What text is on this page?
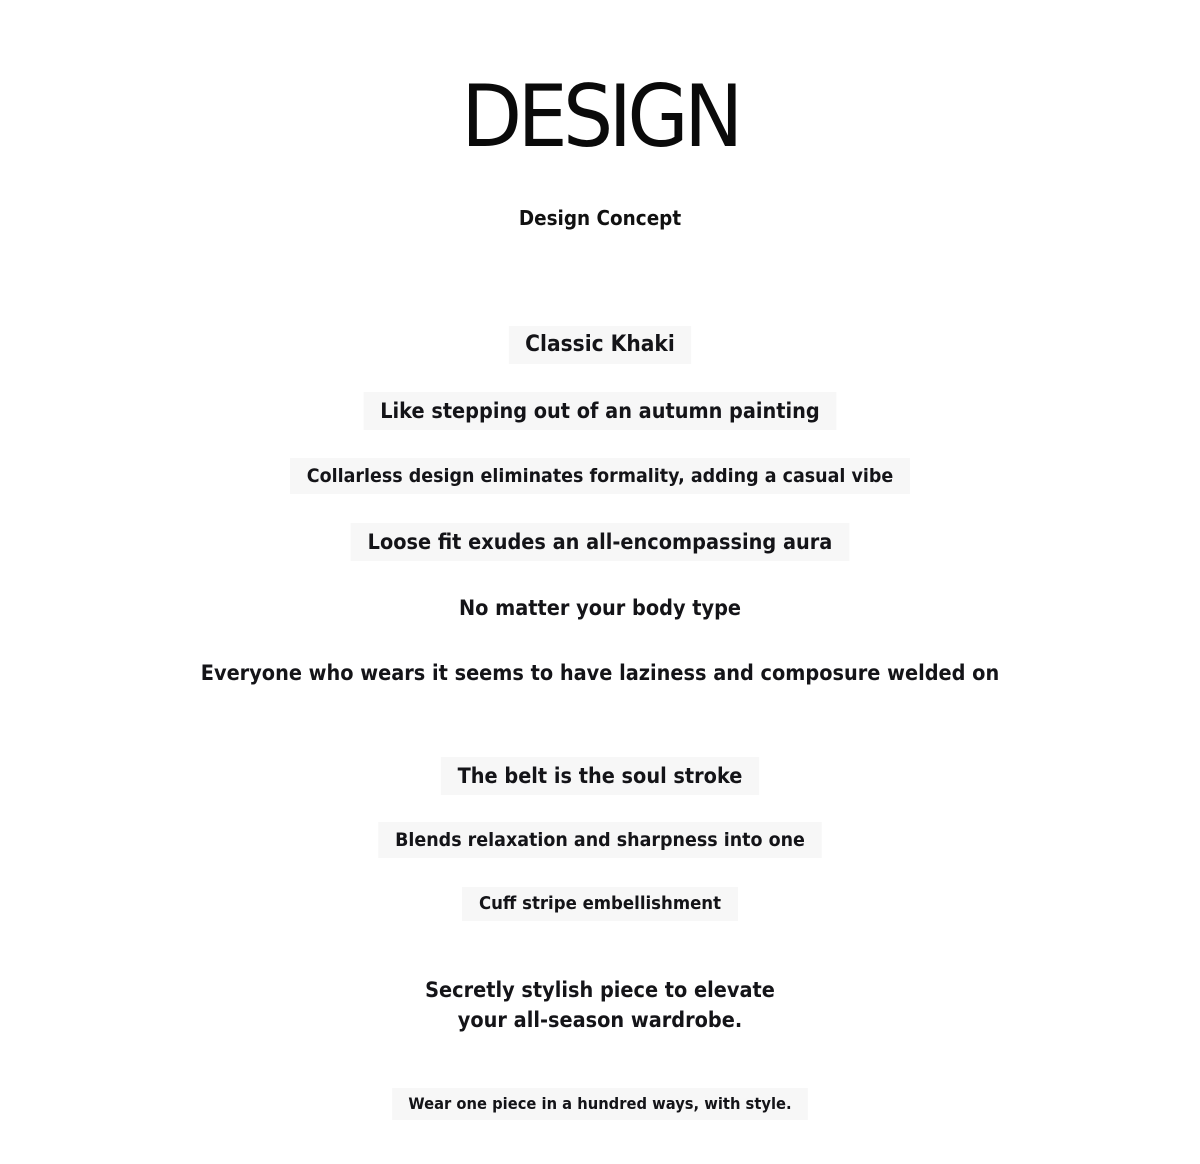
DESIGN
Design Concept
Classic Khaki
Like stepping out of an autumn painting
Collarless design eliminates formality, adding a casual vibe
Loose fit exudes an all-encompassing aura
No matter your body type
Everyone who wears it seems to have laziness and composure welded on
The belt is the soul stroke
Blends relaxation and sharpness into one
Cuff stripe embellishment
Secretly stylish piece to elevate
your all-season wardrobe.
Wear one piece in a hundred ways, with style.
